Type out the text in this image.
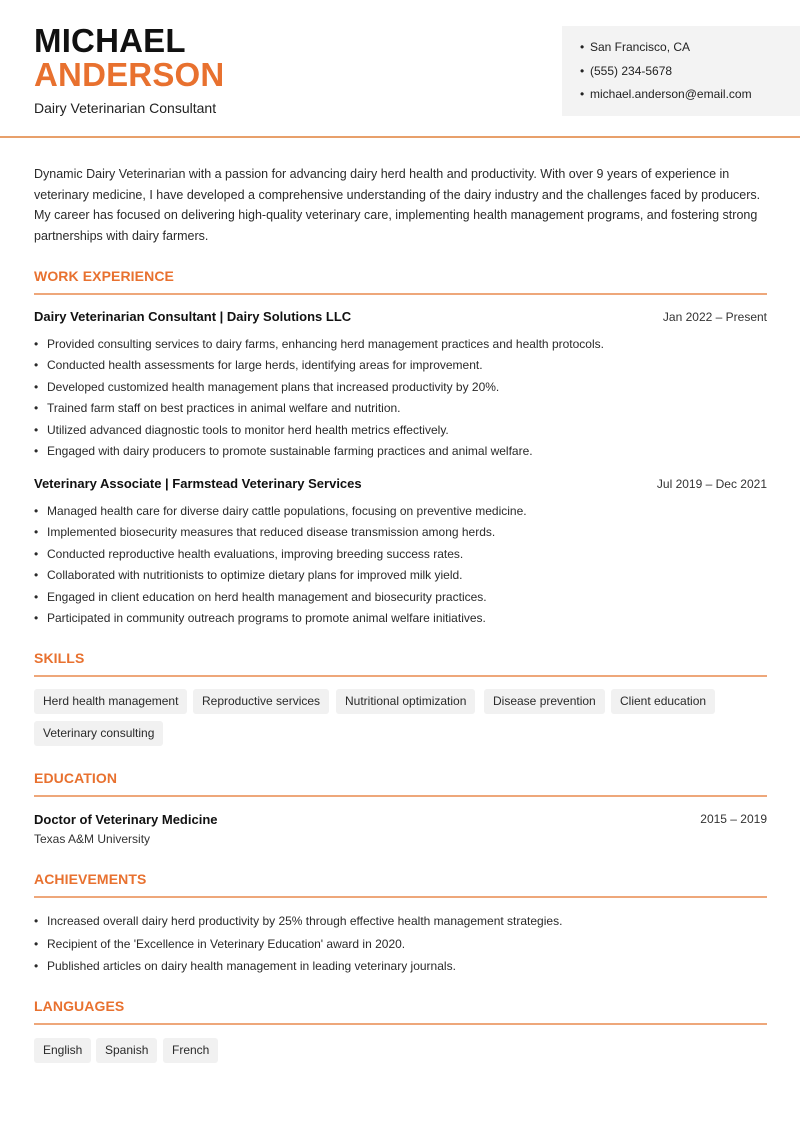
MICHAEL
ANDERSON
Dairy Veterinarian Consultant
• San Francisco, CA
• (555) 234-5678
• michael.anderson@email.com

Dynamic Dairy Veterinarian with a passion for advancing dairy herd health and productivity. With over 9 years of experience in veterinary medicine, I have developed a comprehensive understanding of the dairy industry and the challenges faced by producers. My career has focused on delivering high-quality veterinary care, implementing health management programs, and fostering strong partnerships with dairy farmers.

WORK EXPERIENCE
Dairy Veterinarian Consultant | Dairy Solutions LLC	Jan 2022 – Present
• Provided consulting services to dairy farms, enhancing herd management practices and health protocols.
• Conducted health assessments for large herds, identifying areas for improvement.
• Developed customized health management plans that increased productivity by 20%.
• Trained farm staff on best practices in animal welfare and nutrition.
• Utilized advanced diagnostic tools to monitor herd health metrics effectively.
• Engaged with dairy producers to promote sustainable farming practices and animal welfare.
Veterinary Associate | Farmstead Veterinary Services	Jul 2019 – Dec 2021
• Managed health care for diverse dairy cattle populations, focusing on preventive medicine.
• Implemented biosecurity measures that reduced disease transmission among herds.
• Conducted reproductive health evaluations, improving breeding success rates.
• Collaborated with nutritionists to optimize dietary plans for improved milk yield.
• Engaged in client education on herd health management and biosecurity practices.
• Participated in community outreach programs to promote animal welfare initiatives.
SKILLS
Herd health management	Reproductive services	Nutritional optimization	Disease prevention	Client education
Veterinary consulting
EDUCATION
Doctor of Veterinary Medicine	2015 – 2019
Texas A&M University
ACHIEVEMENTS
• Increased overall dairy herd productivity by 25% through effective health management strategies.
• Recipient of the 'Excellence in Veterinary Education' award in 2020.
• Published articles on dairy health management in leading veterinary journals.
LANGUAGES
English	Spanish	French
